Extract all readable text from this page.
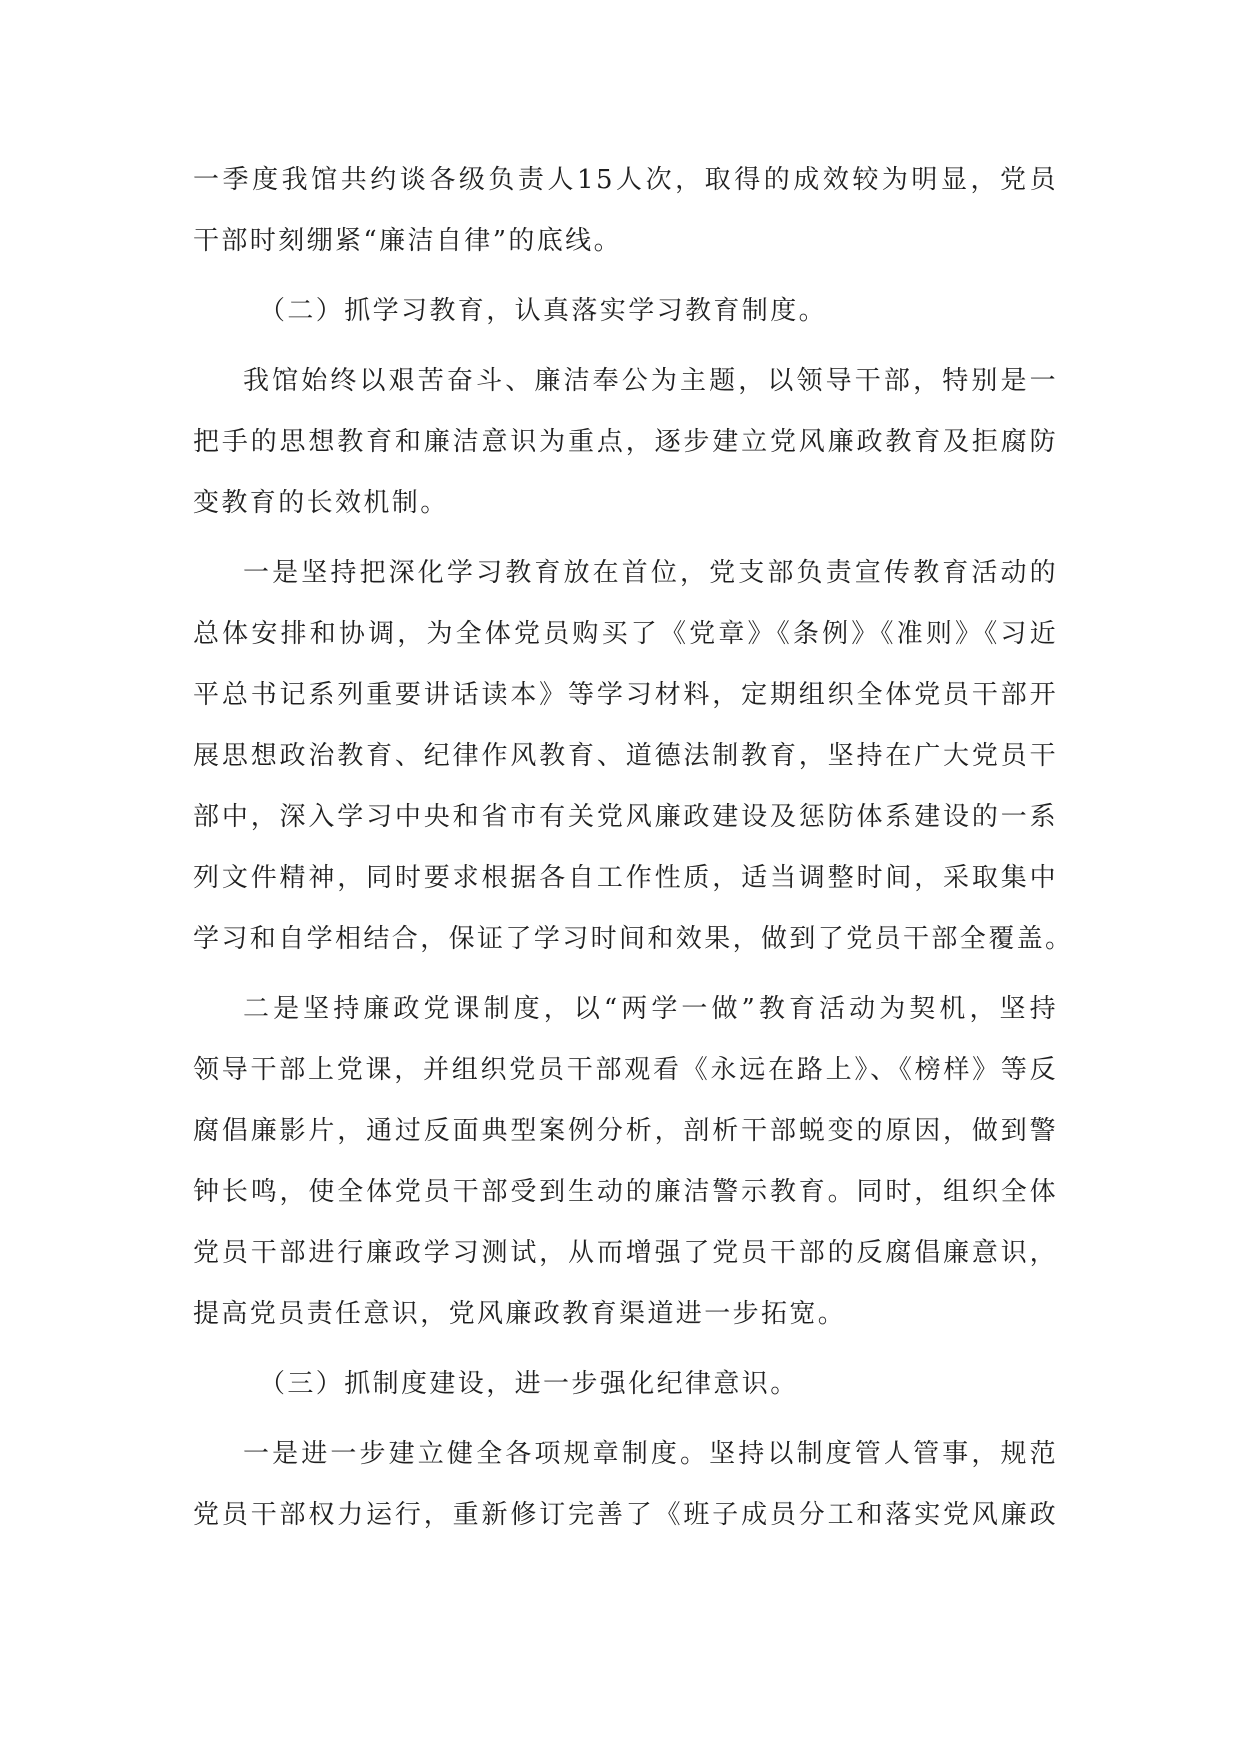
一季度我馆共约谈各级负责人15人次，取得的成效较为明显，党员
干部时刻绷紧“廉洁自律”的底线。
（二）抓学习教育，认真落实学习教育制度。
我馆始终以艰苦奋斗、廉洁奉公为主题，以领导干部，特别是一
把手的思想教育和廉洁意识为重点，逐步建立党风廉政教育及拒腐防
变教育的长效机制。
一是坚持把深化学习教育放在首位，党支部负责宣传教育活动的
总体安排和协调，为全体党员购买了《党章》《条例》《准则》《习近
平总书记系列重要讲话读本》等学习材料，定期组织全体党员干部开
展思想政治教育、纪律作风教育、道德法制教育，坚持在广大党员干
部中，深入学习中央和省市有关党风廉政建设及惩防体系建设的一系
列文件精神，同时要求根据各自工作性质，适当调整时间，采取集中
学习和自学相结合，保证了学习时间和效果，做到了党员干部全覆盖。
二是坚持廉政党课制度，以“两学一做”教育活动为契机，坚持
领导干部上党课，并组织党员干部观看《永远在路上》、《榜样》等反
腐倡廉影片，通过反面典型案例分析，剖析干部蜕变的原因，做到警
钟长鸣，使全体党员干部受到生动的廉洁警示教育。同时，组织全体
党员干部进行廉政学习测试，从而增强了党员干部的反腐倡廉意识，
提高党员责任意识，党风廉政教育渠道进一步拓宽。
（三）抓制度建设，进一步强化纪律意识。
一是进一步建立健全各项规章制度。坚持以制度管人管事，规范
党员干部权力运行，重新修订完善了《班子成员分工和落实党风廉政
